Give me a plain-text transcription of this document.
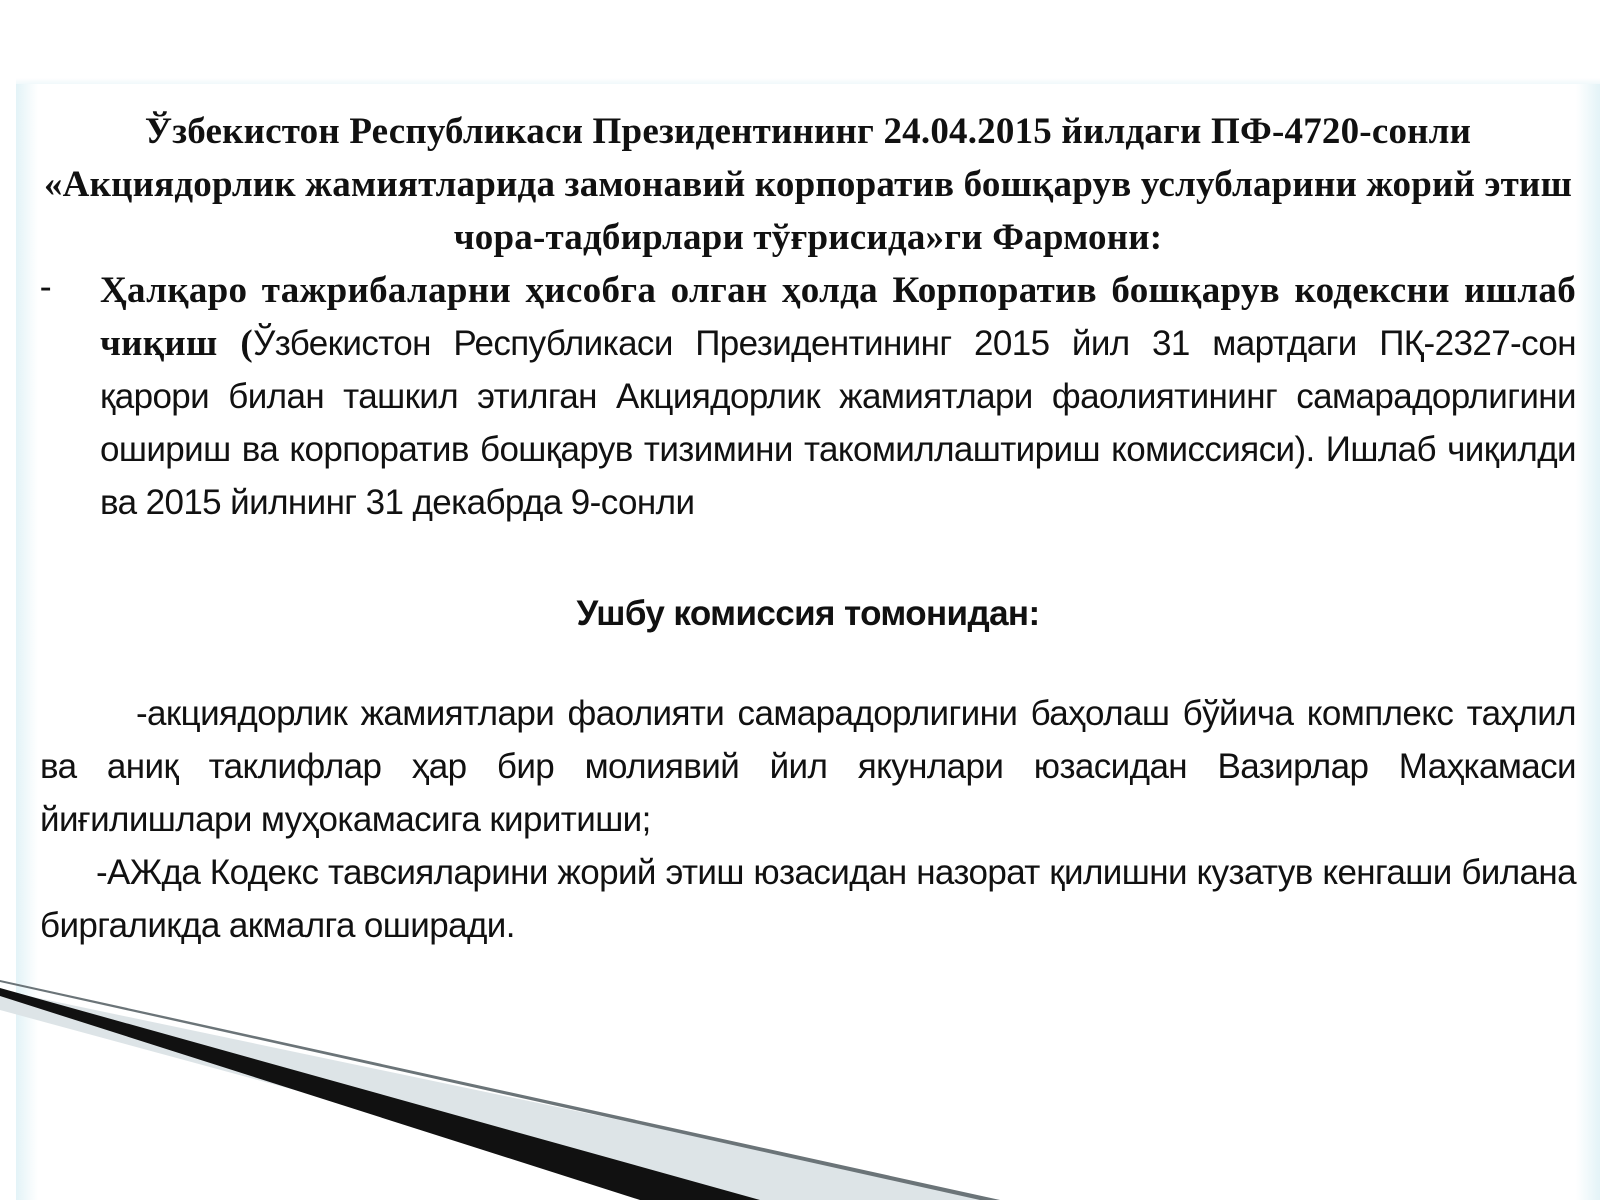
Ўзбекистон Республикаси Президентининг 24.04.2015 йилдаги ПФ-4720-сонли «Акциядорлик жамиятларида замонавий корпоратив бошқарув услубларини жорий этиш чора-тадбирлари тўғрисида»ги Фармони:

- Ҳалқаро тажрибаларни ҳисобга олган ҳолда Корпоратив бошқарув кодексни ишлаб чиқиш (Ўзбекистон Республикаси Президентининг 2015 йил 31 мартдаги ПҚ-2327-сон қарори билан ташкил этилган Акциядорлик жамиятлари фаолиятининг самарадорлигини ошириш ва корпоратив бошқарув тизимини такомиллаштириш комиссияси). Ишлаб чиқилди ва 2015 йилнинг 31 декабрда 9-сонли
Ушбу комиссия томонидан:

-акциядорлик жамиятлари фаолияти самарадорлигини баҳолаш бўйича комплекс таҳлил ва аниқ таклифлар ҳар бир молиявий йил якунлари юзасидан Вазирлар Маҳкамаси йиғилишлари муҳокамасига киритиши;

-АЖда Кодекс тавсияларини жорий этиш юзасидан назорат қилишни кузатув кенгаши билана биргаликда акмалга оширади.
